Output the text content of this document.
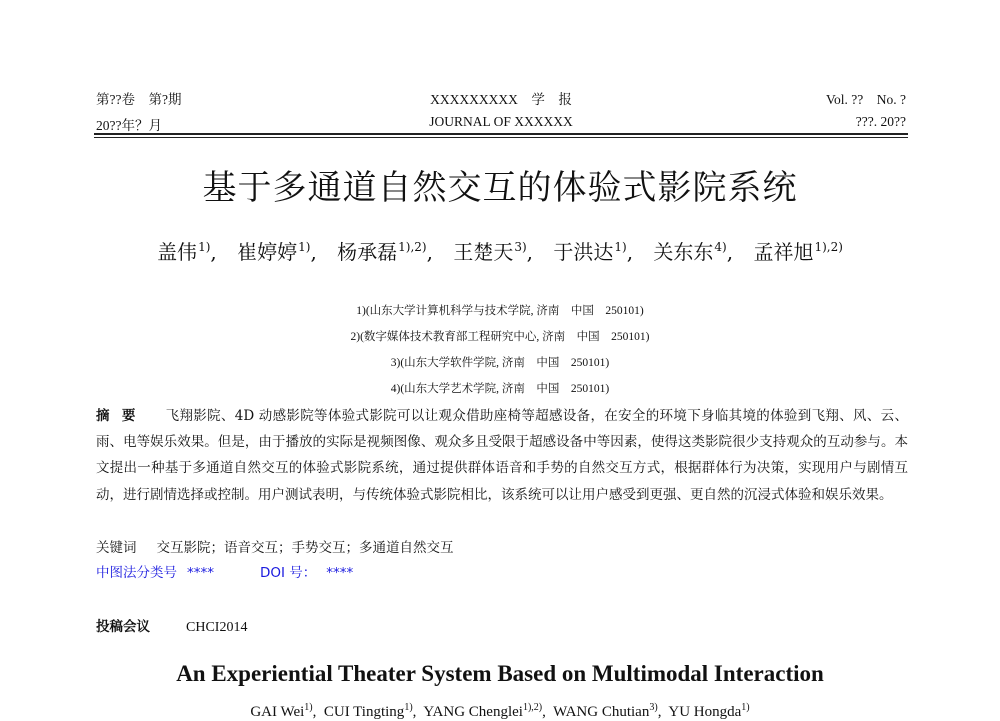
第??卷　第?期	XXXXXXXXX　学　报	Vol. ??　No. ?
20??年？月	JOURNAL OF XXXXXX	???. 20??
基于多通道自然交互的体验式影院系统
盖伟$^{1)}$, 崔婷婷$^{1)}$, 杨承磊$^{1),2)}$, 王楚天$^{3)}$, 于洪达$^{1)}$, 关东东$^{4)}$, 孟祥旭$^{1),2)}$
1)(山东大学计算机科学与技术学院, 济南　中国　250101)
2)(数字媒体技术教育部工程研究中心, 济南　中国　250101)
3)(山东大学软件学院, 济南　中国　250101)
4)(山东大学艺术学院, 济南　中国　250101)
摘要 飞翔影院、4D 动感影院等体验式影院可以让观众借助座椅等超感设备，在安全的环境下身临其境的体验到飞翔、风、云、雨、电等娱乐效果。但是，由于播放的实际是视频图像、观众多且受限于超感设备中等因素，使得这类影院很少支持观众的互动参与。本文提出一种基于多通道自然交互的体验式影院系统，通过提供群体语音和手势的自然交互方式，根据群体行为决策，实现用户与剧情互动，进行剧情选择或控制。用户测试表明，与传统体验式影院相比，该系统可以让用户感受到更强、更自然的沉浸式体验和娱乐效果。
关键词 交互影院；语音交互；手势交互；多通道自然交互
中图法分类号 ****	DOI 号： ****
投稿会议	CHCI2014
An Experiential Theater System Based on Multimodal Interaction
GAI Wei$^{1)}$,  CUI Tingting$^{1)}$,  YANG Chenglei$^{1),2)}$,  WANG Chutian$^{3)}$,  YU Hongda$^{1)}$
